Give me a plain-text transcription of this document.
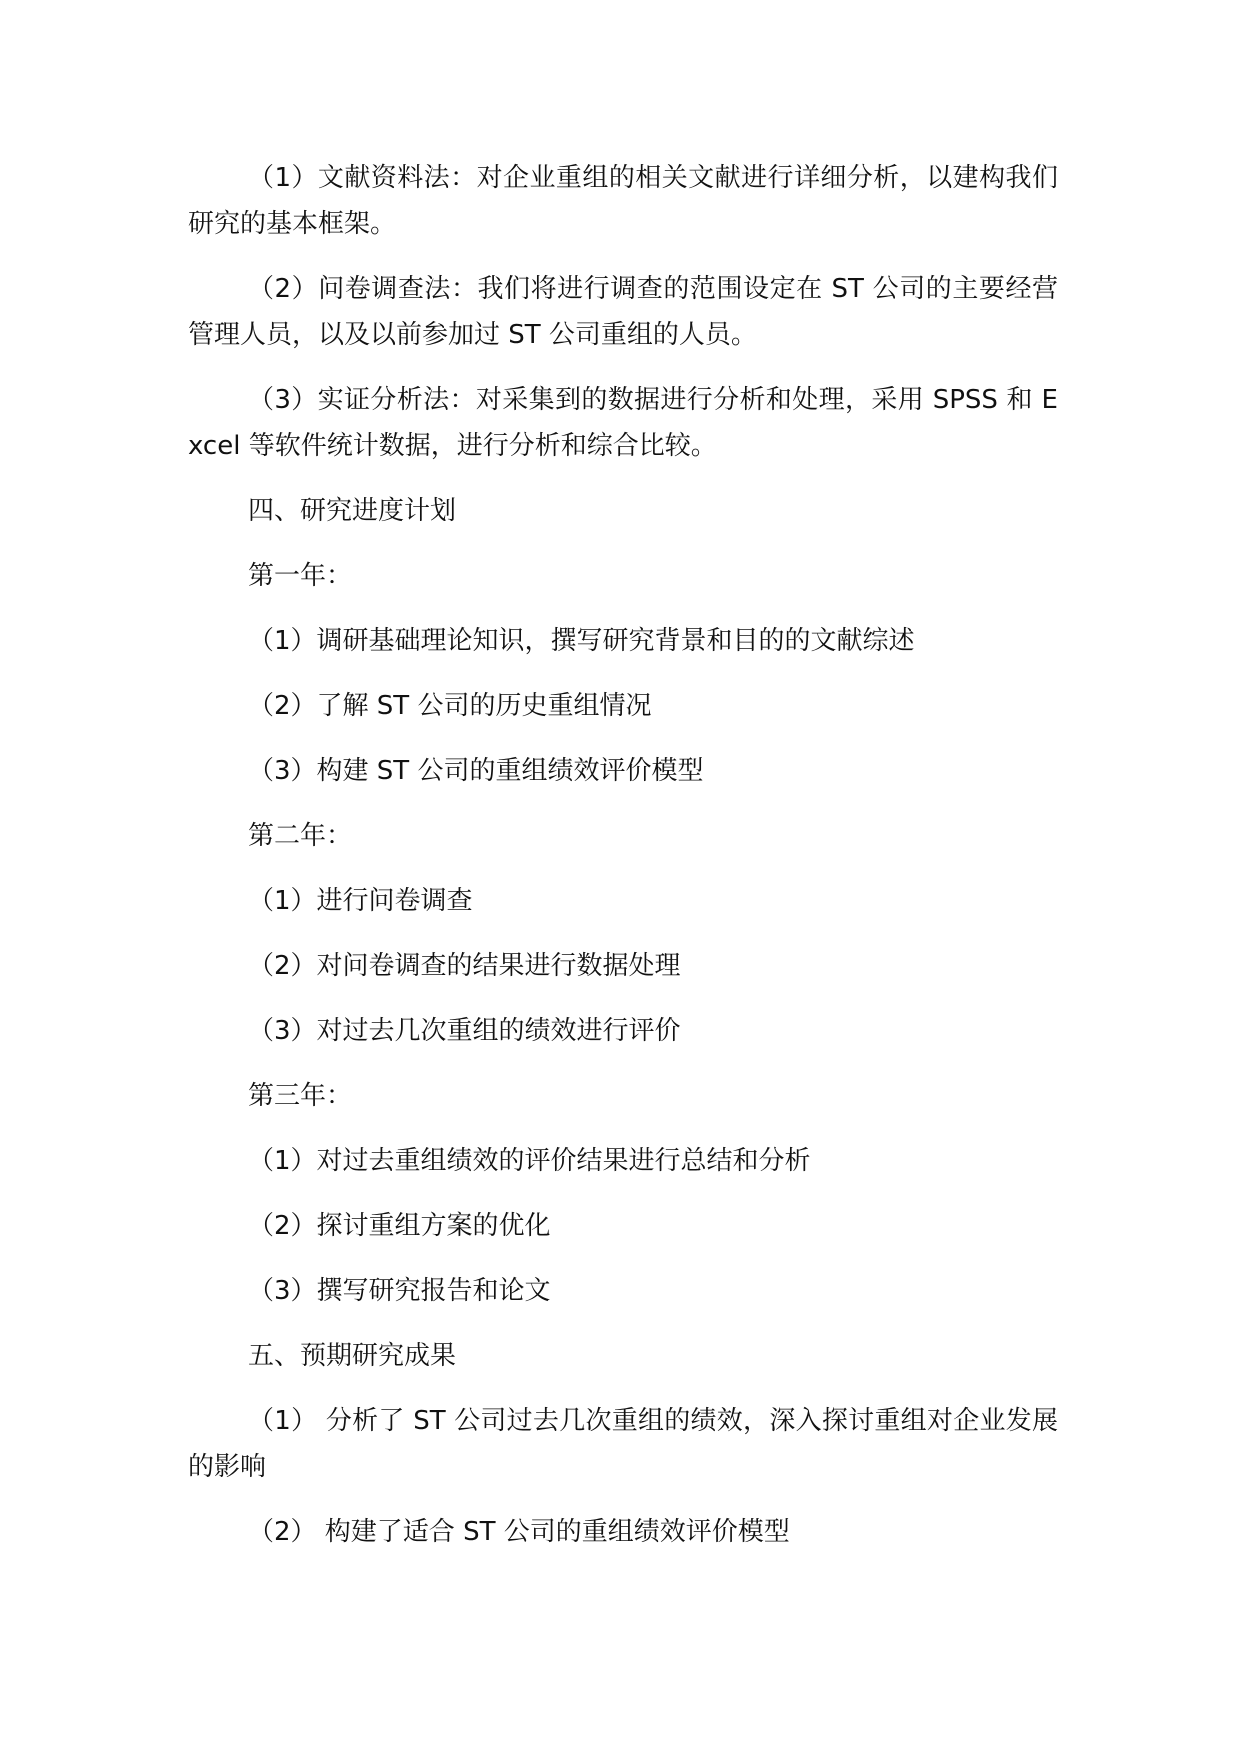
（1）文献资料法：对企业重组的相关文献进行详细分析，以建构我们研究的基本框架。

（2）问卷调查法：我们将进行调查的范围设定在 ST 公司的主要经营管理人员，以及以前参加过 ST 公司重组的人员。

（3）实证分析法：对采集到的数据进行分析和处理，采用 SPSS 和 Excel 等软件统计数据，进行分析和综合比较。

四、研究进度计划

第一年：

（1）调研基础理论知识，撰写研究背景和目的的文献综述

（2）了解 ST 公司的历史重组情况

（3）构建 ST 公司的重组绩效评价模型

第二年：

（1）进行问卷调查

（2）对问卷调查的结果进行数据处理

（3）对过去几次重组的绩效进行评价

第三年：

（1）对过去重组绩效的评价结果进行总结和分析

（2）探讨重组方案的优化

（3）撰写研究报告和论文

五、预期研究成果

（1） 分析了 ST 公司过去几次重组的绩效，深入探讨重组对企业发展的影响

（2） 构建了适合 ST 公司的重组绩效评价模型
